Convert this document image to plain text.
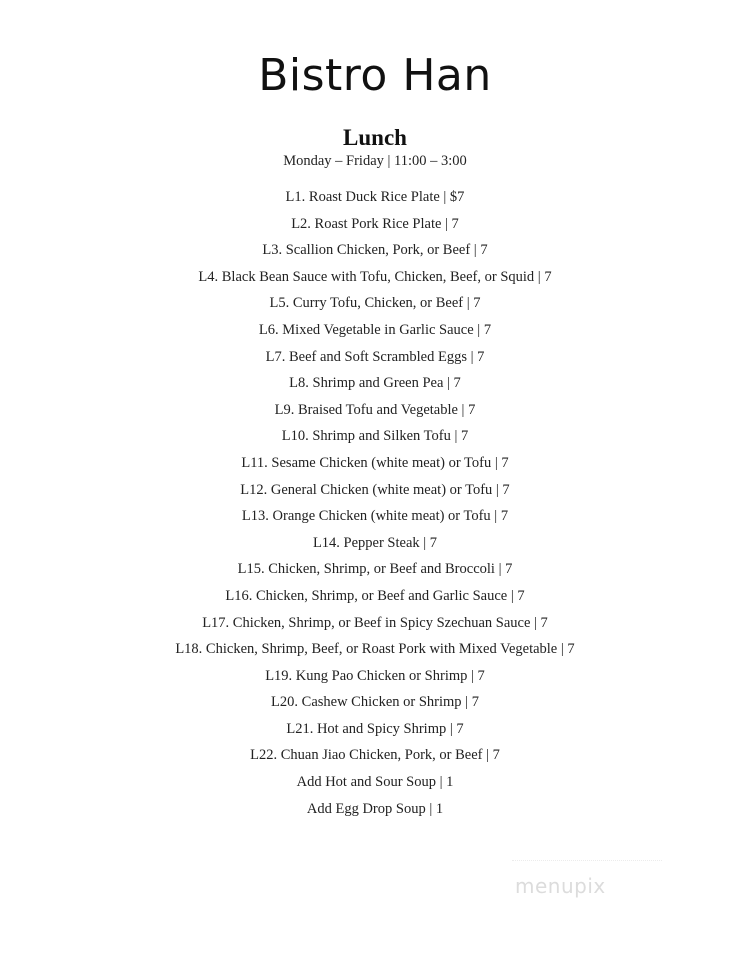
Bistro Han
Lunch
Monday – Friday | 11:00 – 3:00
L1. Roast Duck Rice Plate | $7
L2. Roast Pork Rice Plate | 7
L3. Scallion Chicken, Pork, or Beef | 7
L4. Black Bean Sauce with Tofu, Chicken, Beef, or Squid | 7
L5. Curry Tofu, Chicken, or Beef | 7
L6. Mixed Vegetable in Garlic Sauce | 7
L7. Beef and Soft Scrambled Eggs | 7
L8. Shrimp and Green Pea | 7
L9. Braised Tofu and Vegetable | 7
L10. Shrimp and Silken Tofu | 7
L11. Sesame Chicken (white meat) or Tofu | 7
L12. General Chicken (white meat) or Tofu | 7
L13. Orange Chicken (white meat) or Tofu | 7
L14. Pepper Steak | 7
L15. Chicken, Shrimp, or Beef and Broccoli | 7
L16. Chicken, Shrimp, or Beef and Garlic Sauce | 7
L17. Chicken, Shrimp, or Beef in Spicy Szechuan Sauce | 7
L18. Chicken, Shrimp, Beef, or Roast Pork with Mixed Vegetable | 7
L19. Kung Pao Chicken or Shrimp | 7
L20. Cashew Chicken or Shrimp | 7
L21. Hot and Spicy Shrimp | 7
L22. Chuan Jiao Chicken, Pork, or Beef | 7
Add Hot and Sour Soup | 1
Add Egg Drop Soup | 1
menupix
